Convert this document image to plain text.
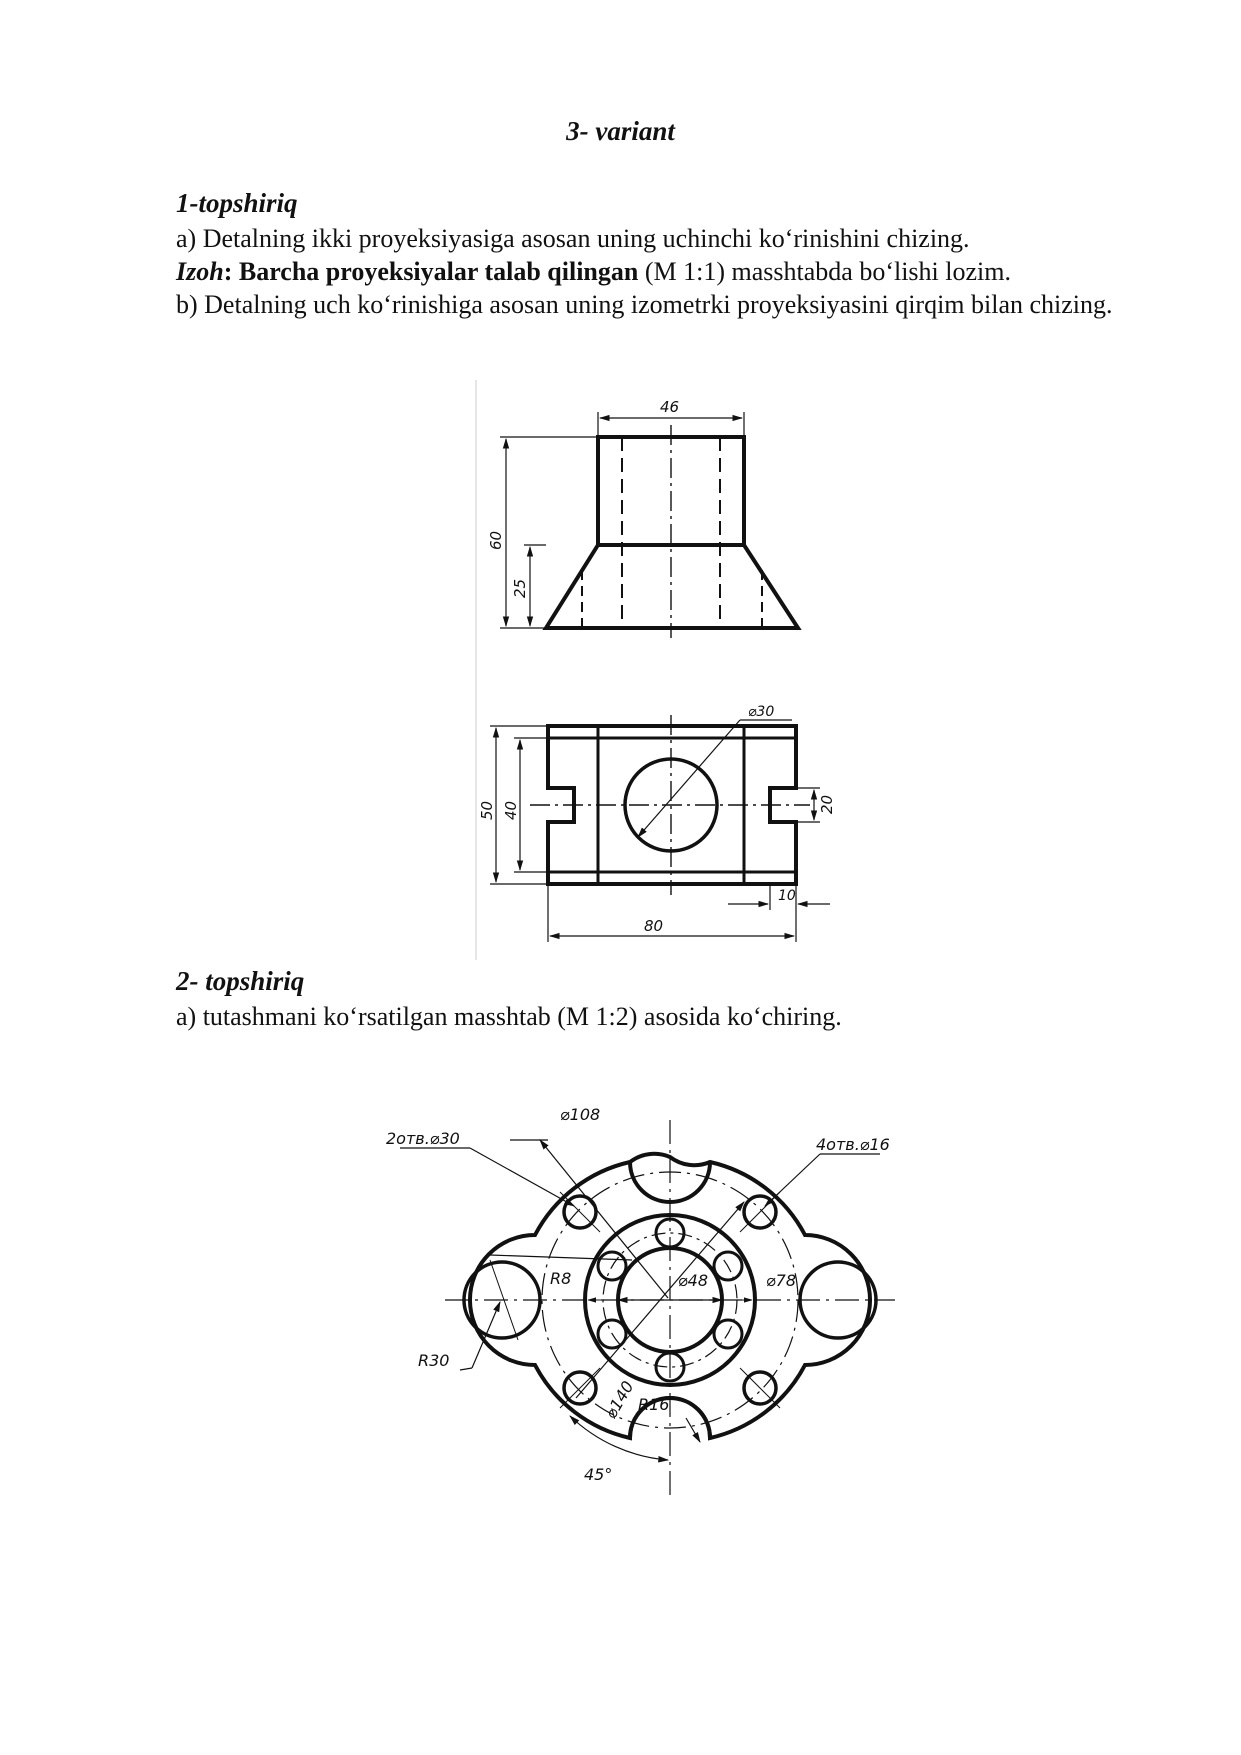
3- variant

1-topshiriq

a) Detalning ikki proyeksiyasiga asosan uning uchinchi ko‘rinishini chizing.

Izoh: Barcha proyeksiyalar talab qilingan (M 1:1) masshtabda bo‘lishi lozim.

b) Detalning uch ko‘rinishiga asosan uning izometrki proyeksiyasini qirqim bilan chizing.

2- topshiriq

a) tutashmani ko‘rsatilgan masshtab (M 1:2) asosida ko‘chiring.

46
60
25
⌀30
50 40	20
10
80
⌀108
2отв.⌀30	4отв.⌀16
R8	⌀48	⌀78
R30
⌀140 R16
45°
